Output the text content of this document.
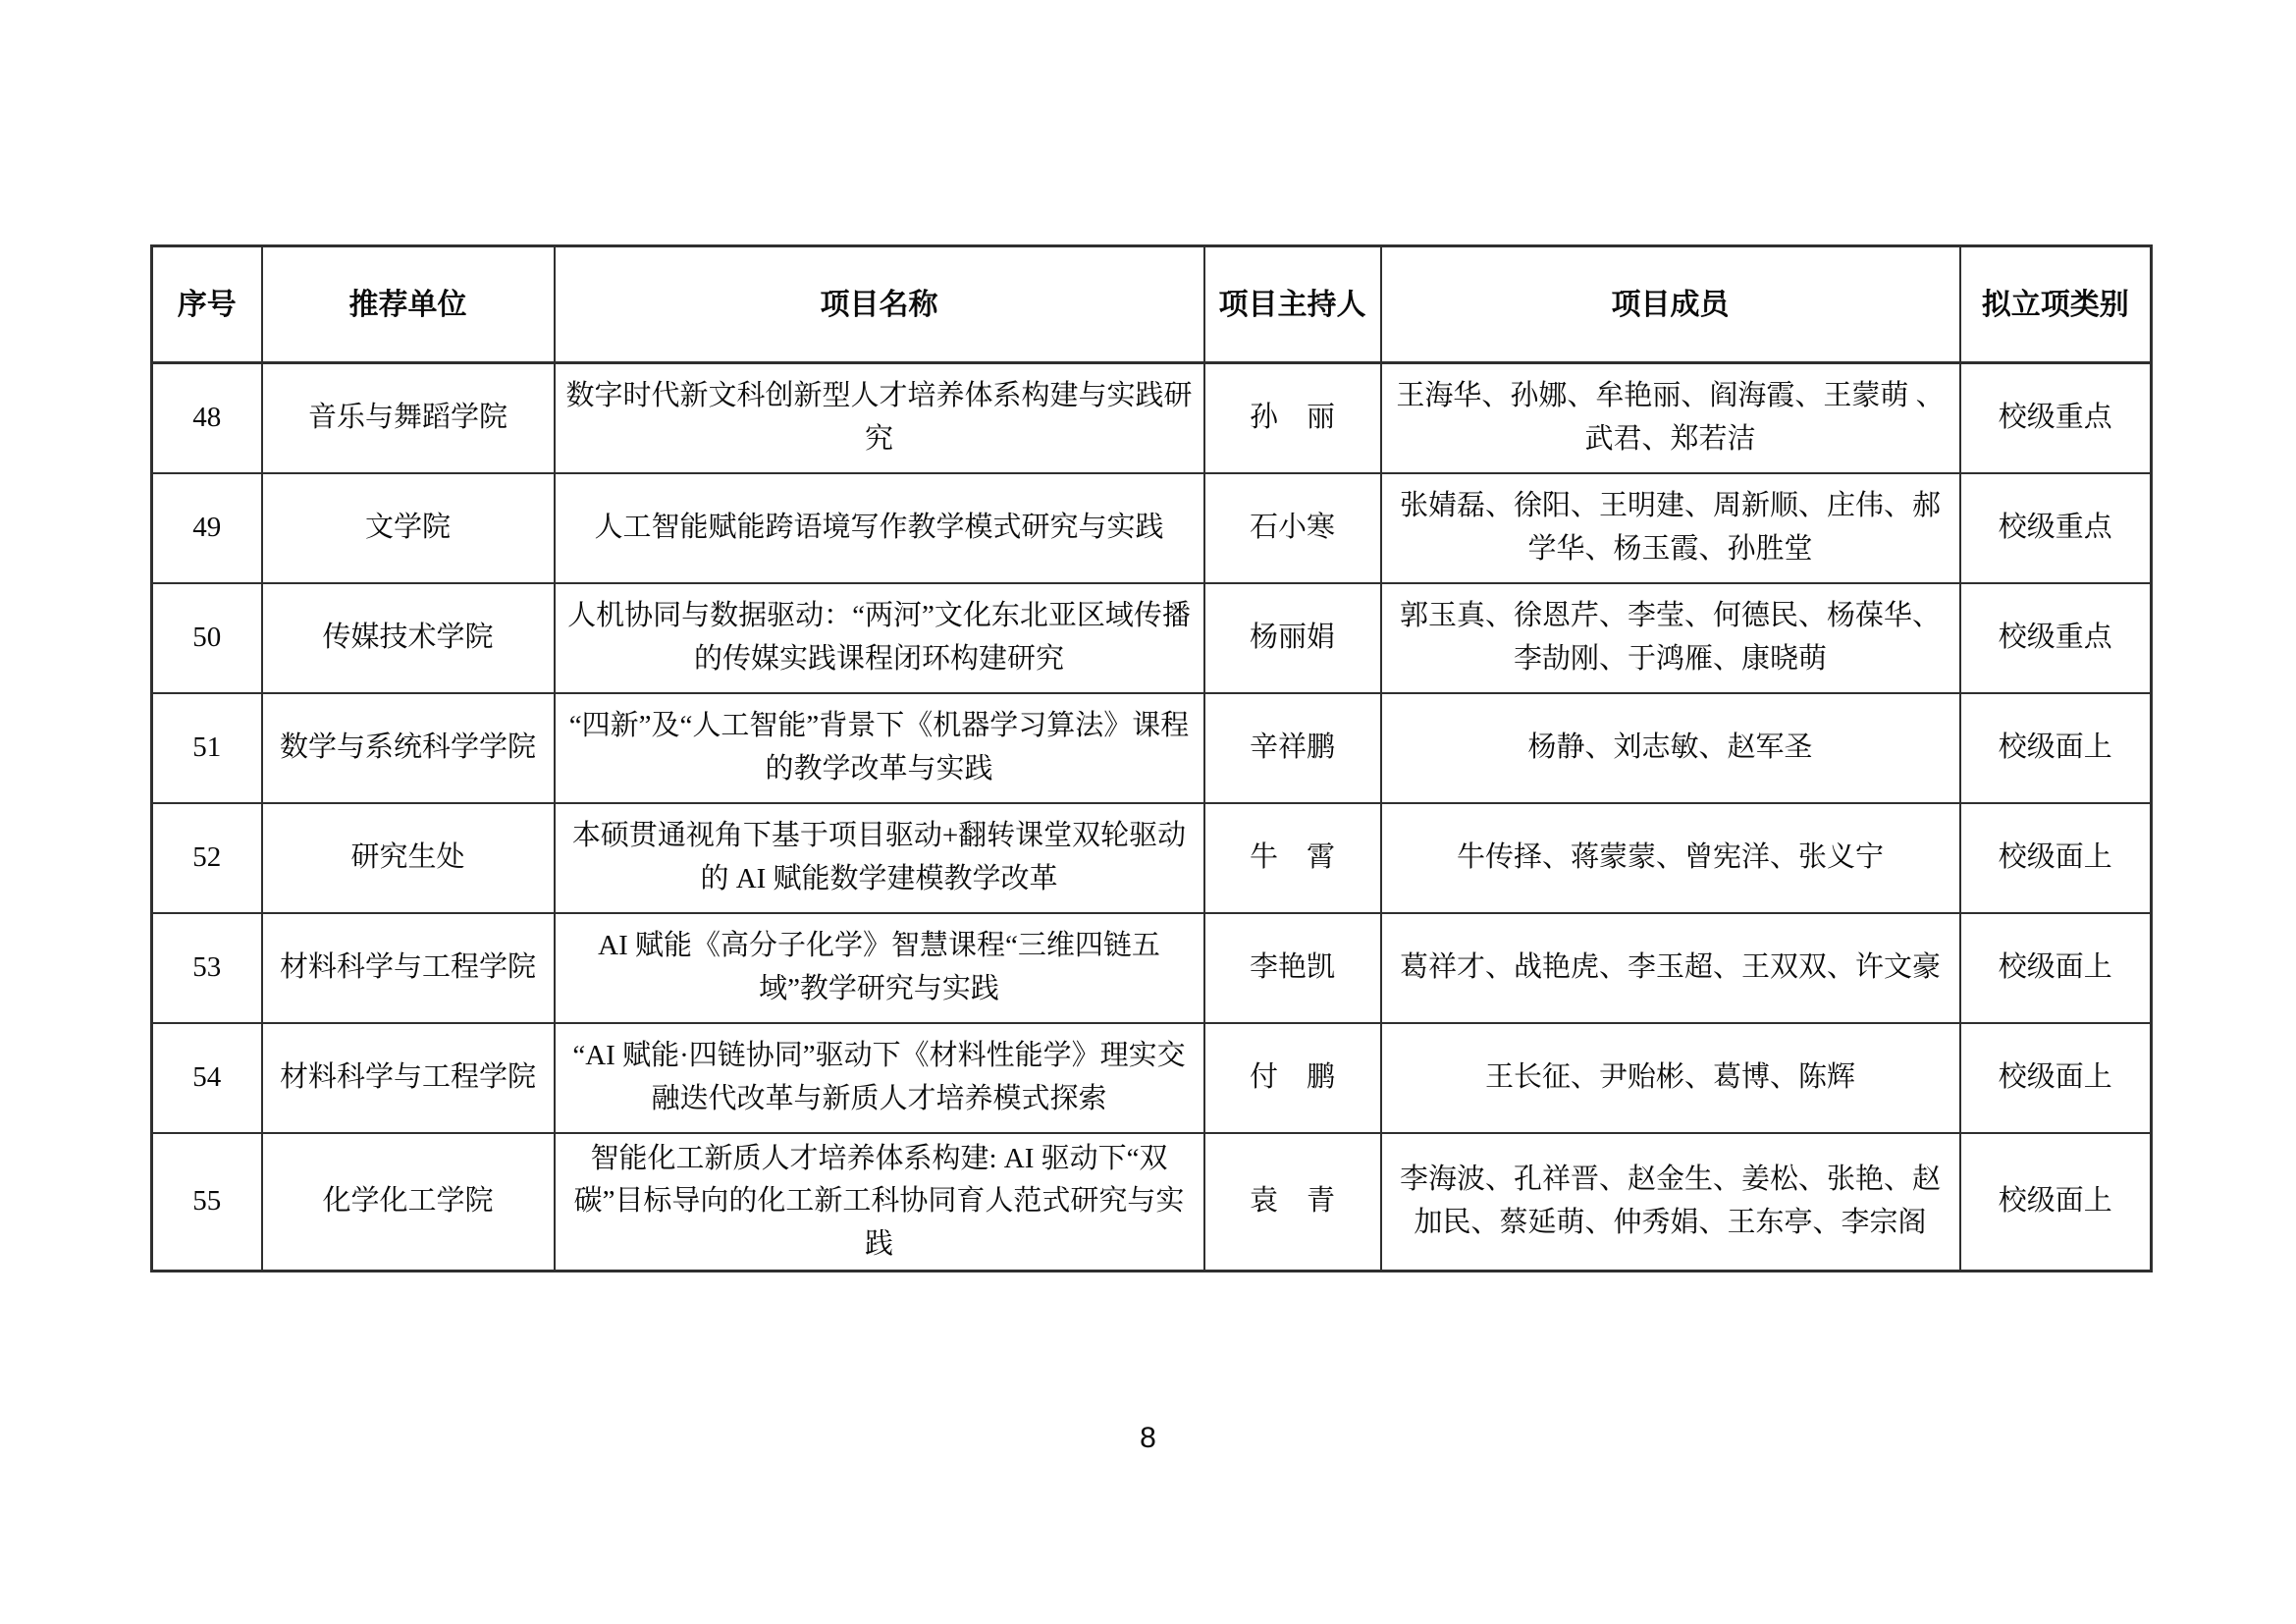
序号	推荐单位	项目名称	项目主持人	项目成员	拟立项类别
48	音乐与舞蹈学院	数字时代新文科创新型人才培养体系构建与实践研究	孙　丽	王海华、孙娜、牟艳丽、阎海霞、王蒙萌 、武君、郑若洁	校级重点
49	文学院	人工智能赋能跨语境写作教学模式研究与实践	石小寒	张婧磊、徐阳、王明建、周新顺、庄伟、郝学华、杨玉霞、孙胜堂	校级重点
50	传媒技术学院	人机协同与数据驱动：“两河”文化东北亚区域传播的传媒实践课程闭环构建研究	杨丽娟	郭玉真、徐恩芹、李莹、何德民、杨葆华、李劼刚、于鸿雁、康晓萌	校级重点
51	数学与系统科学学院	“四新”及“人工智能”背景下《机器学习算法》课程的教学改革与实践	辛祥鹏	杨静、刘志敏、赵军圣	校级面上
52	研究生处	本硕贯通视角下基于项目驱动+翻转课堂双轮驱动的 AI 赋能数学建模教学改革	牛　霄	牛传择、蒋蒙蒙、曾宪洋、张义宁	校级面上
53	材料科学与工程学院	AI 赋能《高分子化学》智慧课程“三维四链五域”教学研究与实践	李艳凯	葛祥才、战艳虎、李玉超、王双双、许文豪	校级面上
54	材料科学与工程学院	“AI 赋能·四链协同”驱动下《材料性能学》理实交融迭代改革与新质人才培养模式探索	付　鹏	王长征、尹贻彬、葛博、陈辉	校级面上
55	化学化工学院	智能化工新质人才培养体系构建: AI 驱动下“双碳”目标导向的化工新工科协同育人范式研究与实践	袁　青	李海波、孔祥晋、赵金生、姜松、张艳、赵加民、蔡延萌、仲秀娟、王东亭、李宗阁	校级面上
8
